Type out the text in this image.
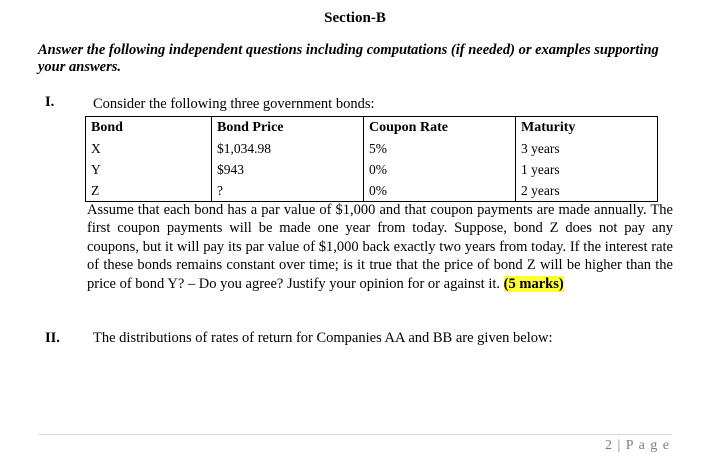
Section-B
Answer the following independent questions including computations (if needed) or examples supporting your answers.
I.	Consider the following three government bonds:
Bond	Bond Price	Coupon Rate	Maturity
X	$1,034.98	5%	3 years
Y	$943	0%	1 years
Z	?	0%	2 years
Assume that each bond has a par value of $1,000 and that coupon payments are made annually. The first coupon payments will be made one year from today. Suppose, bond Z does not pay any coupons, but it will pay its par value of $1,000 back exactly two years from today. If the interest rate of these bonds remains constant over time; is it true that the price of bond Z will be higher than the price of bond Y? – Do you agree? Justify your opinion for or against it. (5 marks)
II. The distributions of rates of return for Companies AA and BB are given below:
2 | P a g e
